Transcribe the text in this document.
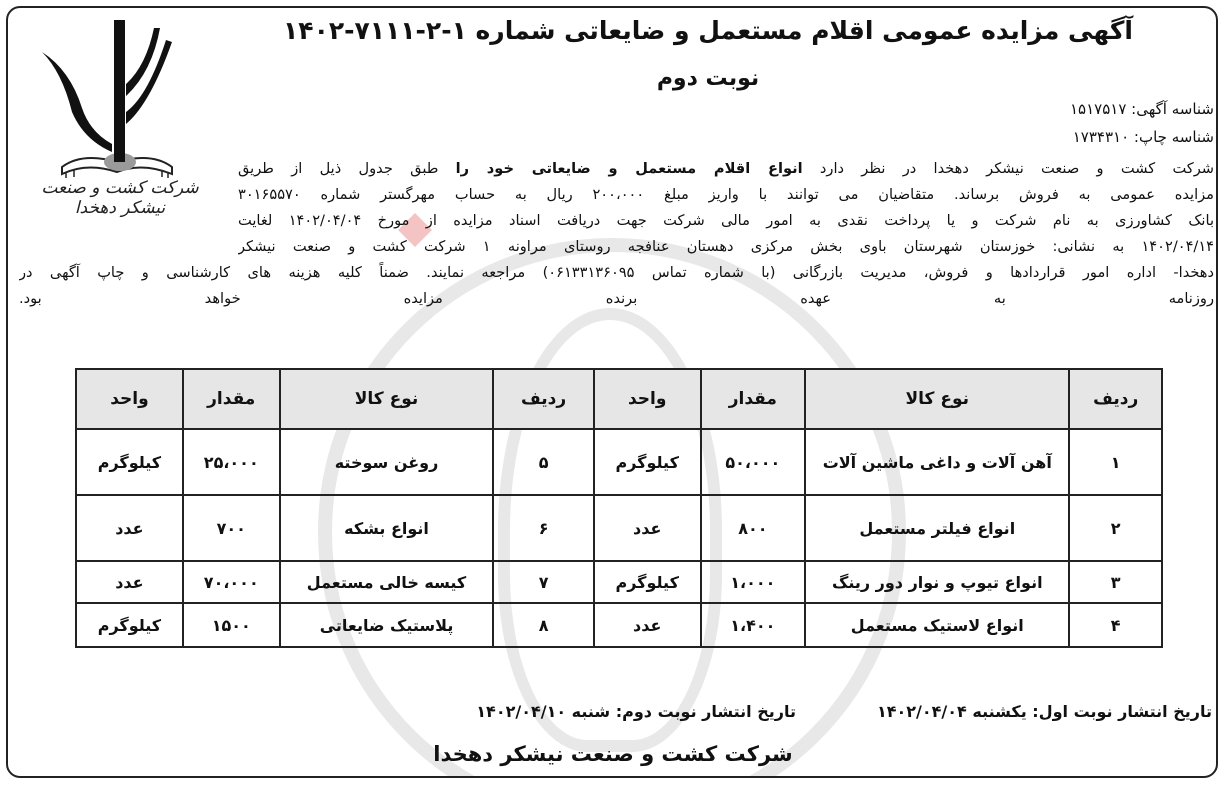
شرکت کشت و صنعت نیشکر دهخدا
آگهی مزایده عمومی اقلام مستعمل و ضایعاتی شماره ۱-۲-۷۱۱۱-۱۴۰۲
نوبت دوم
شناسه آگهی: ۱۵۱۷۵۱۷
شناسه چاپ: ۱۷۳۴۳۱۰
شرکت کشت و صنعت نیشکر دهخدا در نظر دارد انواع اقلام مستعمل و ضایعاتی خود را طبق جدول ذیل از طریق
مزایده عمومی به فروش برساند. متقاضیان می توانند با واریز مبلغ ۲۰۰،۰۰۰ ریال به حساب مهرگستر شماره ۳۰۱۶۵۵۷۰
بانک کشاورزی به نام شرکت و یا پرداخت نقدی به امور مالی شرکت جهت دریافت اسناد مزایده از مورخ ۱۴۰۲/۰۴/۰۴ لغایت
۱۴۰۲/۰۴/۱۴ به نشانی: خوزستان شهرستان باوی بخش مرکزی دهستان عنافجه روستای مراونه ۱ شرکت کشت و صنعت نیشکر
دهخدا- اداره امور قراردادها و فروش، مدیریت بازرگانی (با شماره تماس ۰۶۱۳۳۱۳۶۰۹۵) مراجعه نمایند. ضمناً کلیه هزینه های کارشناسی و چاپ آگهی در
روزنامه به عهده برنده مزایده خواهد بود.
ردیف	نوع کالا	مقدار	واحد	ردیف	نوع کالا	مقدار	واحد
۱	آهن آلات و داغی ماشین آلات	۵۰،۰۰۰	کیلوگرم	۵	روغن سوخته	۲۵،۰۰۰	کیلوگرم
۲	انواع فیلتر مستعمل	۸۰۰	عدد	۶	انواع بشکه	۷۰۰	عدد
۳	انواع تیوپ و نوار دور رینگ	۱،۰۰۰	کیلوگرم	۷	کیسه خالی مستعمل	۷۰،۰۰۰	عدد
۴	انواع لاستیک مستعمل	۱،۴۰۰	عدد	۸	پلاستیک ضایعاتی	۱۵۰۰	کیلوگرم
تاریخ انتشار نوبت اول: یکشنبه ۱۴۰۲/۰۴/۰۴
تاریخ انتشار نوبت دوم: شنبه ۱۴۰۲/۰۴/۱۰
شرکت کشت و صنعت نیشکر دهخدا
